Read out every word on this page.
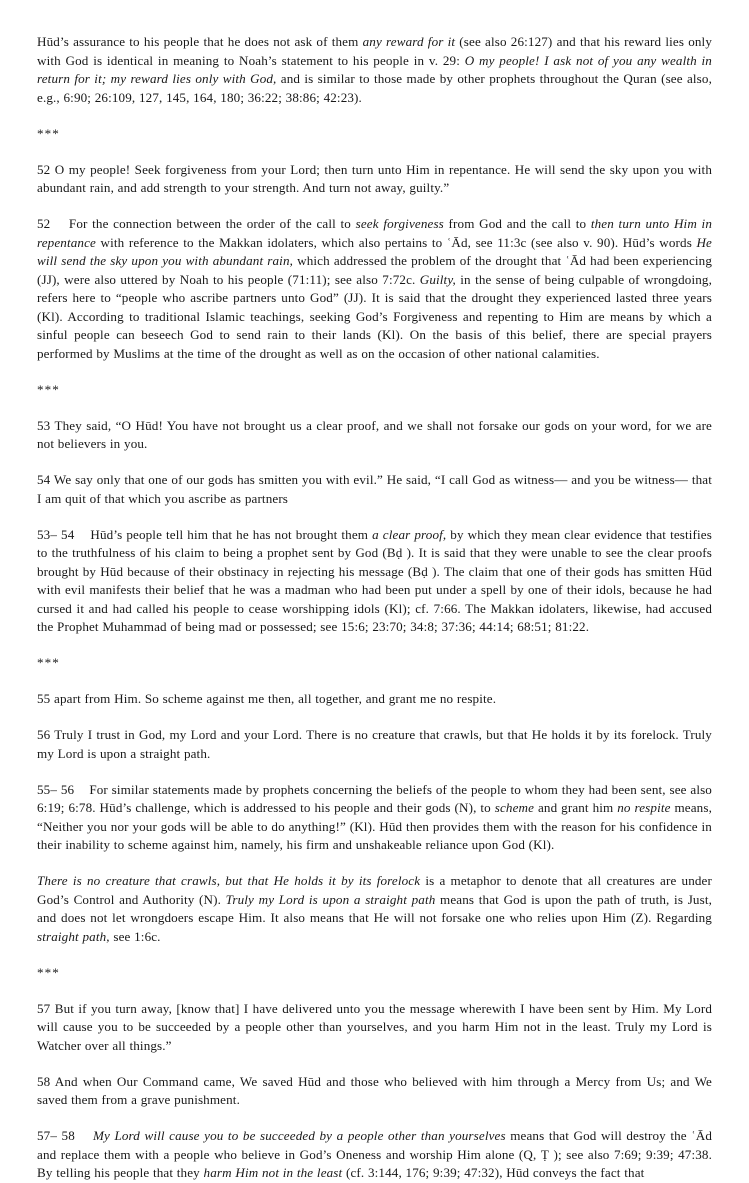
Hūd’s assurance to his people that he does not ask of them any reward for it (see also 26:127) and that his reward lies only with God is identical in meaning to Noah’s statement to his people in v. 29: O my people! I ask not of you any wealth in return for it; my reward lies only with God, and is similar to those made by other prophets throughout the Quran (see also, e.g., 6:90; 26:109, 127, 145, 164, 180; 36:22; 38:86; 42:23).
***
52 O my people! Seek forgiveness from your Lord; then turn unto Him in repentance. He will send the sky upon you with abundant rain, and add strength to your strength. And turn not away, guilty.”
52    For the connection between the order of the call to seek forgiveness from God and the call to then turn unto Him in repentance with reference to the Makkan idolaters, which also pertains to ʿĀd, see 11:3c (see also v. 90). Hūd’s words He will send the sky upon you with abundant rain, which addressed the problem of the drought that ʿĀd had been experiencing (JJ), were also uttered by Noah to his people (71:11); see also 7:72c. Guilty, in the sense of being culpable of wrongdoing, refers here to “people who ascribe partners unto God” (JJ). It is said that the drought they experienced lasted three years (Kl). According to traditional Islamic teachings, seeking God’s Forgiveness and repenting to Him are means by which a sinful people can beseech God to send rain to their lands (Kl). On the basis of this belief, there are special prayers performed by Muslims at the time of the drought as well as on the occasion of other national calamities.
***
53 They said, “O Hūd! You have not brought us a clear proof, and we shall not forsake our gods on your word, for we are not believers in you.
54 We say only that one of our gods has smitten you with evil.” He said, “I call God as witness— and you be witness— that I am quit of that which you ascribe as partners
53– 54    Hūd’s people tell him that he has not brought them a clear proof, by which they mean clear evidence that testifies to the truthfulness of his claim to being a prophet sent by God (Bḍ ). It is said that they were unable to see the clear proofs brought by Hūd because of their obstinacy in rejecting his message (Bḍ ). The claim that one of their gods has smitten Hūd with evil manifests their belief that he was a madman who had been put under a spell by one of their idols, because he had cursed it and had called his people to cease worshipping idols (Kl); cf. 7:66. The Makkan idolaters, likewise, had accused the Prophet Muhammad of being mad or possessed; see 15:6; 23:70; 34:8; 37:36; 44:14; 68:51; 81:22.
***
55 apart from Him. So scheme against me then, all together, and grant me no respite.
56 Truly I trust in God, my Lord and your Lord. There is no creature that crawls, but that He holds it by its forelock. Truly my Lord is upon a straight path.
55– 56    For similar statements made by prophets concerning the beliefs of the people to whom they had been sent, see also 6:19; 6:78. Hūd’s challenge, which is addressed to his people and their gods (N), to scheme and grant him no respite means, “Neither you nor your gods will be able to do anything!” (Kl). Hūd then provides them with the reason for his confidence in their inability to scheme against him, namely, his firm and unshakeable reliance upon God (Kl).
There is no creature that crawls, but that He holds it by its forelock is a metaphor to denote that all creatures are under God’s Control and Authority (N). Truly my Lord is upon a straight path means that God is upon the path of truth, is Just, and does not let wrongdoers escape Him. It also means that He will not forsake one who relies upon Him (Z). Regarding straight path, see 1:6c.
***
57 But if you turn away, [know that] I have delivered unto you the message wherewith I have been sent by Him. My Lord will cause you to be succeeded by a people other than yourselves, and you harm Him not in the least. Truly my Lord is Watcher over all things.”
58 And when Our Command came, We saved Hūd and those who believed with him through a Mercy from Us; and We saved them from a grave punishment.
57– 58    My Lord will cause you to be succeeded by a people other than yourselves means that God will destroy the ʿĀd and replace them with a people who believe in God’s Oneness and worship Him alone (Q, Ṭ ); see also 7:69; 9:39; 47:38. By telling his people that they harm Him not in the least (cf. 3:144, 176; 9:39; 47:32), Hūd conveys the fact that
